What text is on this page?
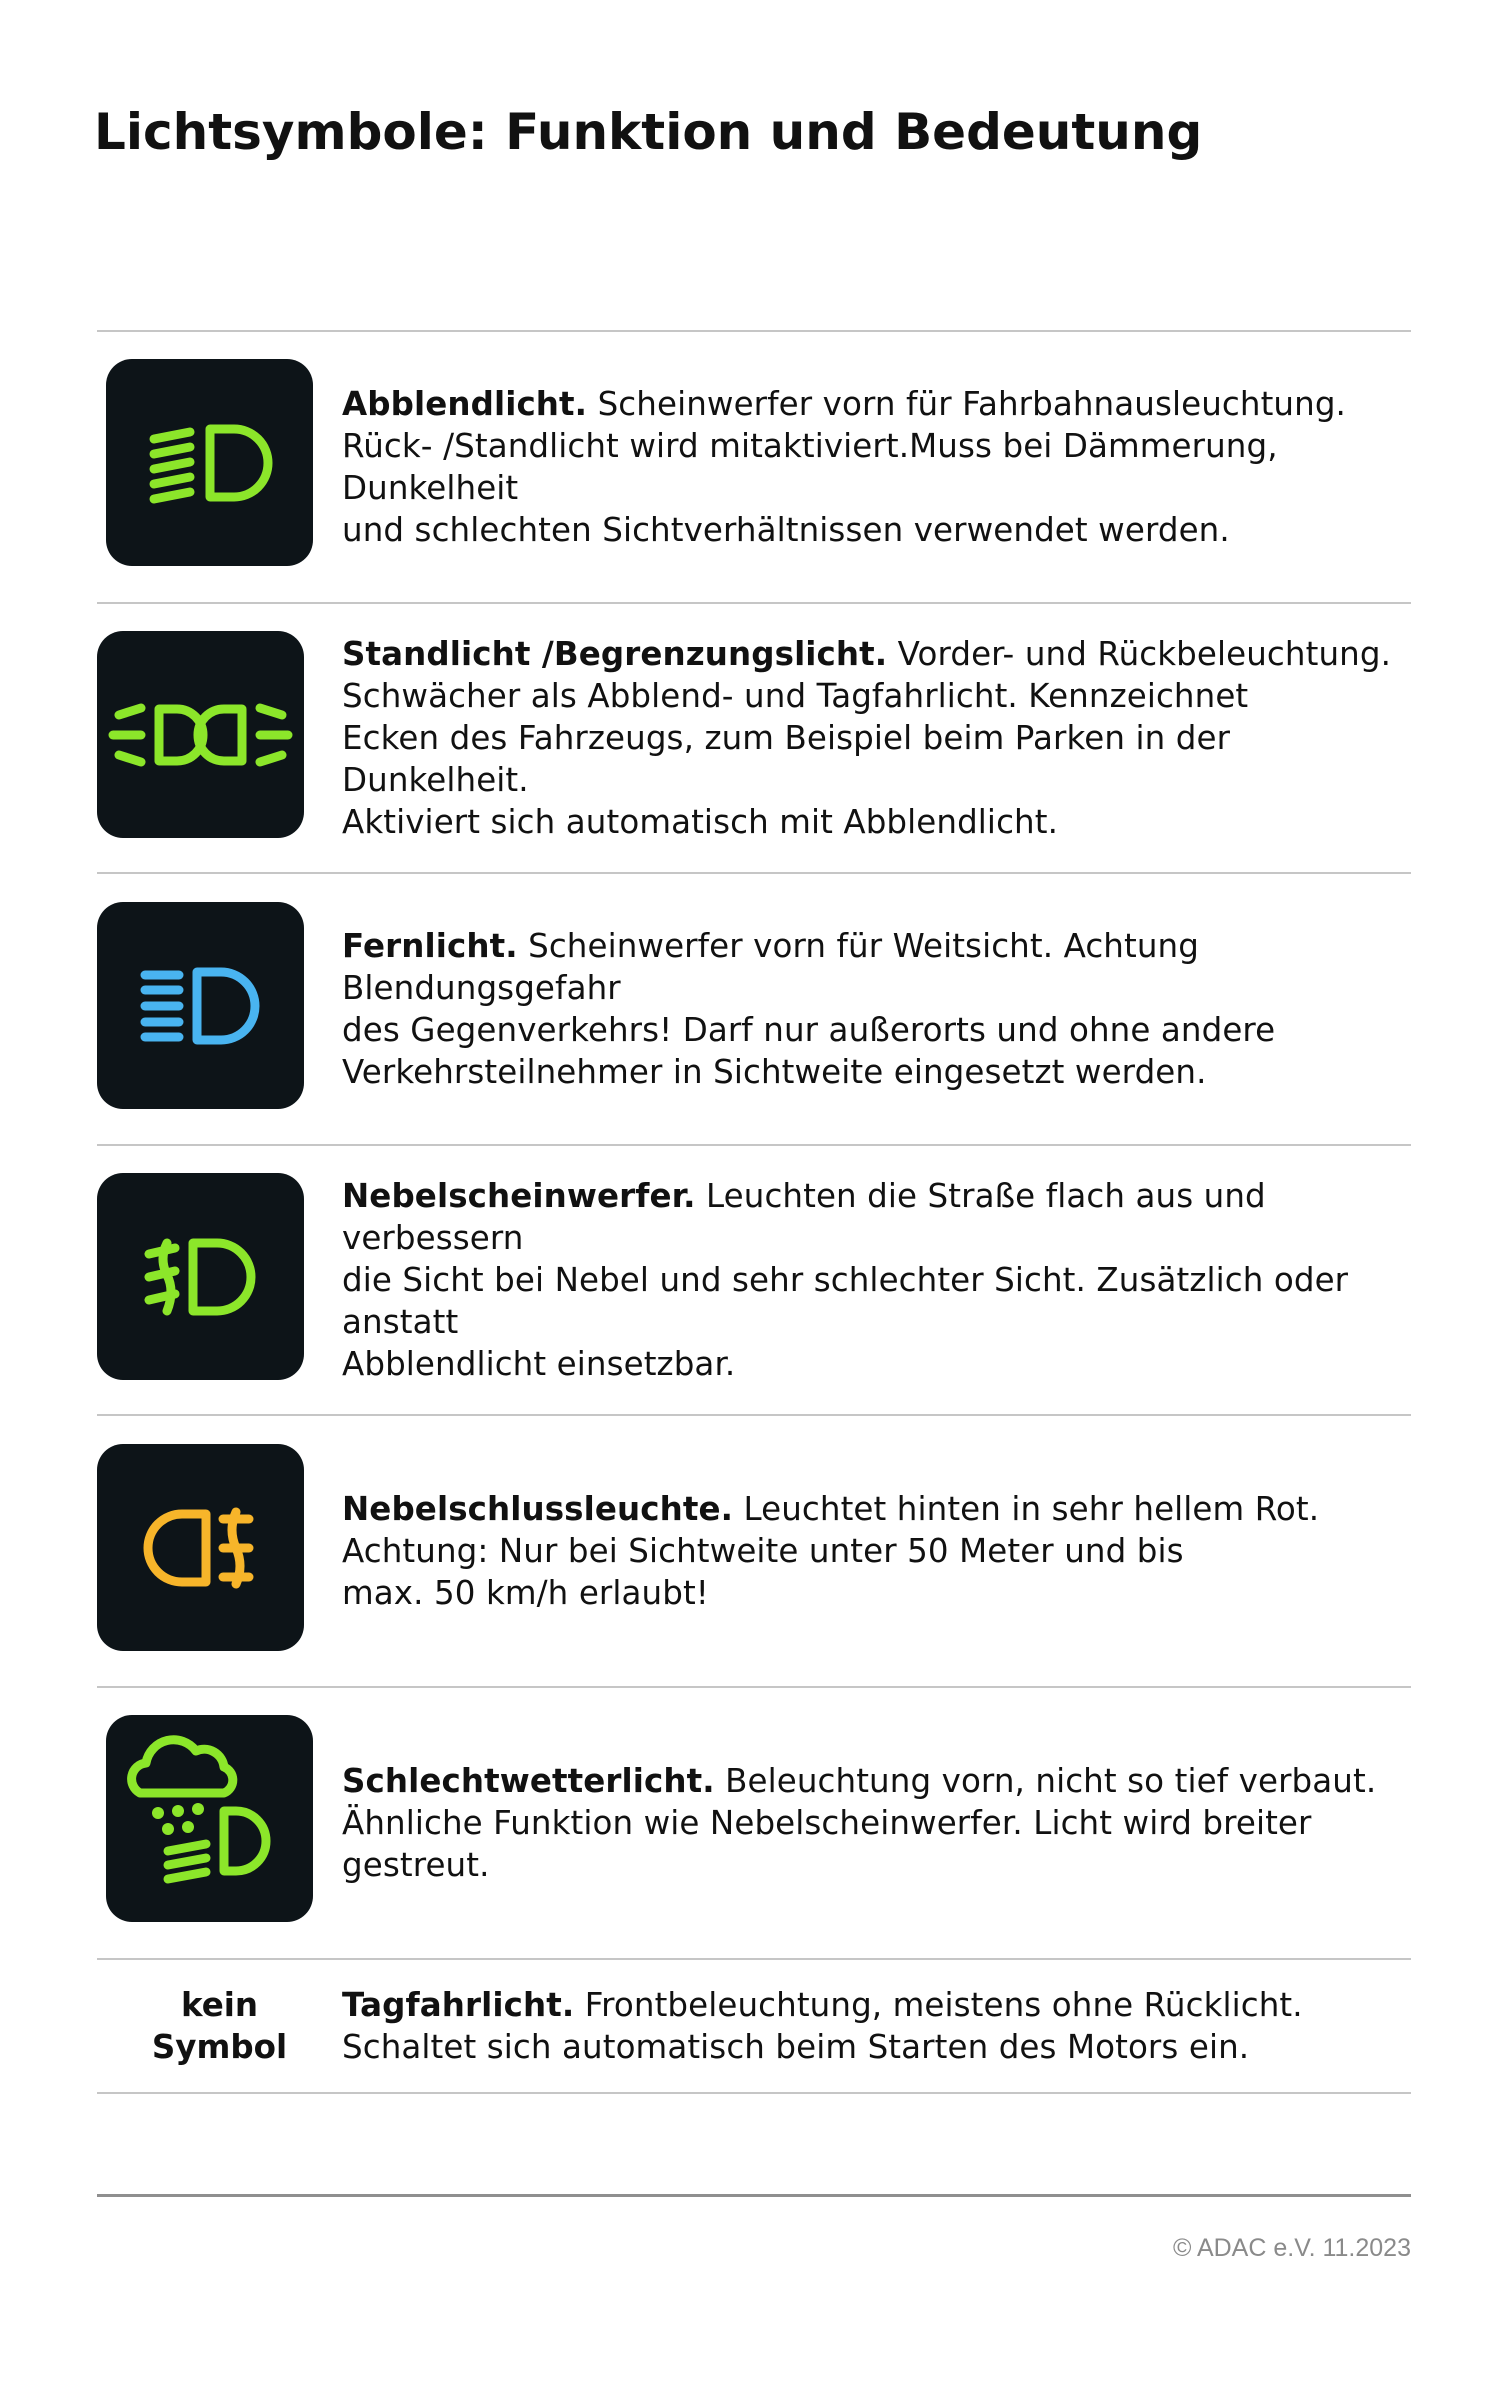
Lichtsymbole: Funktion und Bedeutung

Abblendlicht. Scheinwerfer vorn für Fahrbahnausleuchtung.
Rück- /Standlicht wird mitaktiviert.Muss bei Dämmerung, Dunkelheit
und schlechten Sichtverhältnissen verwendet werden.

Standlicht /Begrenzungslicht. Vorder- und Rückbeleuchtung.
Schwächer als Abblend- und Tagfahrlicht. Kennzeichnet
Ecken des Fahrzeugs, zum Beispiel beim Parken in der Dunkelheit.
Aktiviert sich automatisch mit Abblendlicht.

Fernlicht. Scheinwerfer vorn für Weitsicht. Achtung Blendungsgefahr
des Gegenverkehrs! Darf nur außerorts und ohne andere
Verkehrsteilnehmer in Sichtweite eingesetzt werden.

Nebelscheinwerfer. Leuchten die Straße flach aus und verbessern
die Sicht bei Nebel und sehr schlechter Sicht. Zusätzlich oder anstatt
Abblendlicht einsetzbar.

Nebelschlussleuchte. Leuchtet hinten in sehr hellem Rot.
Achtung: Nur bei Sichtweite unter 50 Meter und bis
max. 50 km/h erlaubt!

Schlechtwetterlicht. Beleuchtung vorn, nicht so tief verbaut.
Ähnliche Funktion wie Nebelscheinwerfer. Licht wird breiter gestreut.

kein
Symbol

Tagfahrlicht. Frontbeleuchtung, meistens ohne Rücklicht.
Schaltet sich automatisch beim Starten des Motors ein.

© ADAC e.V. 11.2023
